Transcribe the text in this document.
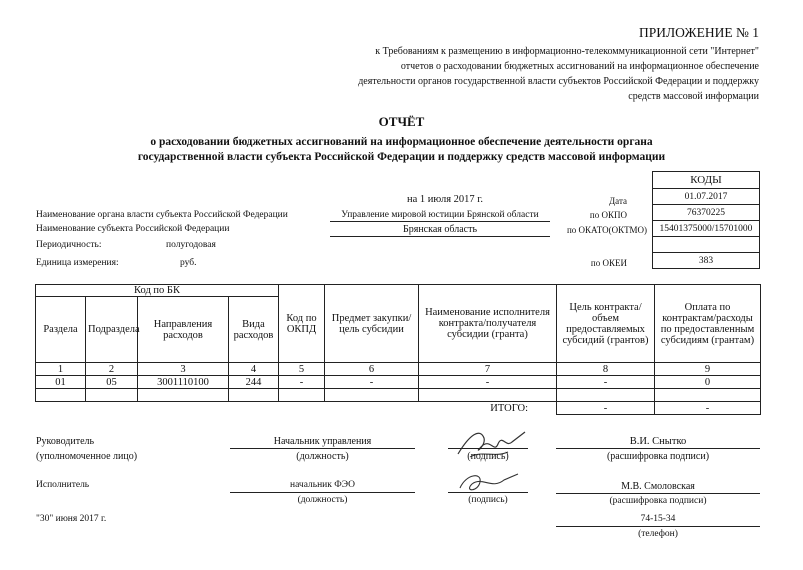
ПРИЛОЖЕНИЕ № 1
к Требованиям к размещению в информационно-телекоммуникационной сети "Интернет"
отчетов о расходовании бюджетных ассигнований на информационное обеспечение
деятельности органов государственной власти субъектов Российской Федерации и поддержку
средств массовой информации
ОТЧЁТ
о расходовании бюджетных ассигнований на информационное обеспечение деятельности органа
государственной власти субъекта Российской Федерации и поддержку средств массовой информации
КОДЫ
01.07.2017
76370225
15401375000/15701000

383
на 1 июля 2017 г.	Дата
Наименование органа власти субъекта Российской Федерации	Управление мировой юстиции Брянской области	по ОКПО
Наименование субъекта Российской Федерации	Брянская область	по ОКАТО(ОКТМО)
Периодичность:	полугодовая
Единица измерения:	руб.	по ОКЕИ
Код по БК				Код по ОКПД	Предмет закупки/цель субсидии	Наименование исполнителя контракта/получателя субсидии (гранта)	Цель контракта/объем предоставляемых субсидий (грантов)	Оплата по контрактам/расходы по предоставленным субсидиям (грантам)
Раздела	Подраздела	Направления расходов	Вида расходов					
1	2	3	4	5	6	7	8	9
01	05	3001110100	244	-	-	-	-	0

ИТОГО:							-	-
Руководитель
(уполномоченное лицо)
Начальник управления
(должность)	(подпись)
В.И. Снытко
(расшифровка подписи)
Исполнитель	начальник ФЭО
(должность)	(подпись)
М.В. Смоловская
(расшифровка подписи)
"30" июня 2017 г.	74-15-34
(телефон)
